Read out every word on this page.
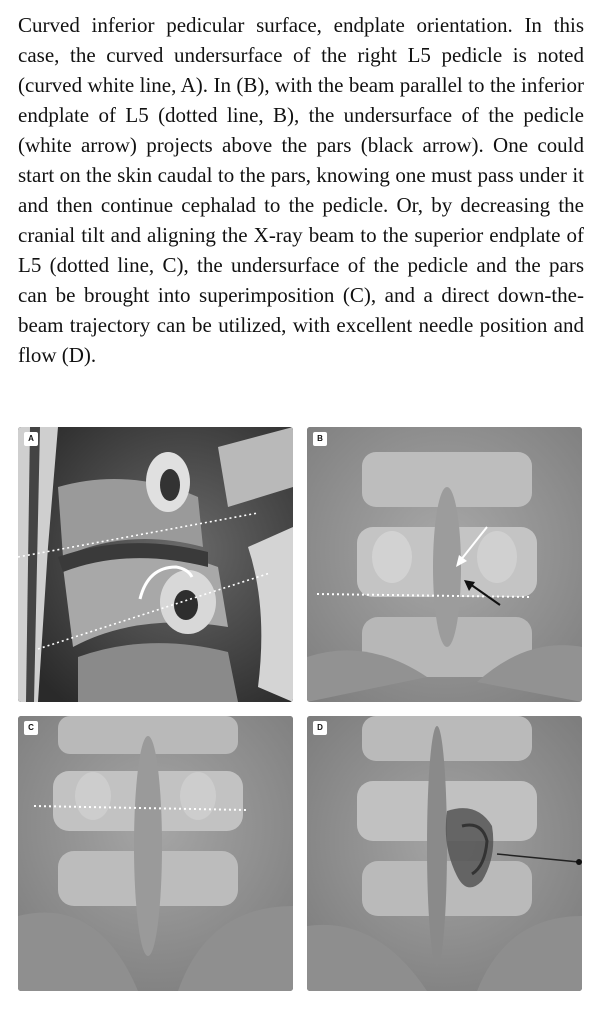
Curved inferior pedicular surface, endplate orientation. In this case, the curved undersurface of the right L5 pedicle is noted (curved white line, A). In (B), with the beam parallel to the inferior endplate of L5 (dotted line, B), the undersurface of the pedicle (white arrow) projects above the pars (black arrow). One could start on the skin caudal to the pars, knowing one must pass under it and then continue cephalad to the pedicle. Or, by decreasing the cranial tilt and aligning the X-ray beam to the superior endplate of L5 (dotted line, C), the undersurface of the pedicle and the pars can be brought into superimposition (C), and a direct down-the-beam trajectory can be utilized, with excellent needle position and flow (D).
A	B
C	D
